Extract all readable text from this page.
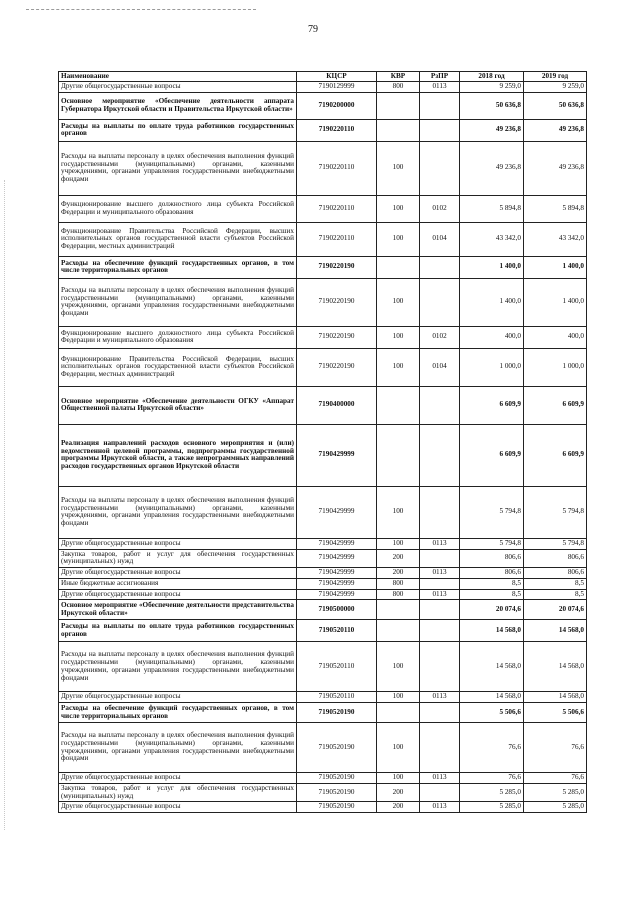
79
Наименование	КЦСР	КВР	РзПР	2018 год	2019 год
Другие общегосударственные вопросы	7190129999	800	0113	9 259,0	9 259,0
Основное мероприятие «Обеспечение деятельности аппарата Губернатора Иркутской области и Правительства Иркутской области»	7190200000			50 636,8	50 636,8
Расходы на выплаты по оплате труда работников государственных органов	7190220110			49 236,8	49 236,8
Расходы на выплаты персоналу в целях обеспечения выполнения функций государственными (муниципальными) органами, казенными учреждениями, органами управления государственными внебюджетными фондами	7190220110	100		49 236,8	49 236,8
Функционирование высшего должностного лица субъекта Российской Федерации и муниципального образования	7190220110	100	0102	5 894,8	5 894,8
Функционирование Правительства Российской Федерации, высших исполнительных органов государственной власти субъектов Российской Федерации, местных администраций	7190220110	100	0104	43 342,0	43 342,0
Расходы на обеспечение функций государственных органов, в том числе территориальных органов	7190220190			1 400,0	1 400,0
Расходы на выплаты персоналу в целях обеспечения выполнения функций государственными (муниципальными) органами, казенными учреждениями, органами управления государственными внебюджетными фондами	7190220190	100		1 400,0	1 400,0
Функционирование высшего должностного лица субъекта Российской Федерации и муниципального образования	7190220190	100	0102	400,0	400,0
Функционирование Правительства Российской Федерации, высших исполнительных органов государственной власти субъектов Российской Федерации, местных администраций	7190220190	100	0104	1 000,0	1 000,0
Основное мероприятие «Обеспечение деятельности ОГКУ «Аппарат Общественной палаты Иркутской области»	7190400000			6 609,9	6 609,9
Реализация направлений расходов основного мероприятия и (или) ведомственной целевой программы, подпрограммы государственной программы Иркутской области, а также непрограммных направлений расходов государственных органов Иркутской области	7190429999			6 609,9	6 609,9
Расходы на выплаты персоналу в целях обеспечения выполнения функций государственными (муниципальными) органами, казенными учреждениями, органами управления государственными внебюджетными фондами	7190429999	100		5 794,8	5 794,8
Другие общегосударственные вопросы	7190429999	100	0113	5 794,8	5 794,8
Закупка товаров, работ и услуг для обеспечения государственных (муниципальных) нужд	7190429999	200		806,6	806,6
Другие общегосударственные вопросы	7190429999	200	0113	806,6	806,6
Иные бюджетные ассигнования	7190429999	800		8,5	8,5
Другие общегосударственные вопросы	7190429999	800	0113	8,5	8,5
Основное мероприятие «Обеспечение деятельности представительства Иркутской области»	7190500000			20 074,6	20 074,6
Расходы на выплаты по оплате труда работников государственных органов	7190520110			14 568,0	14 568,0
Расходы на выплаты персоналу в целях обеспечения выполнения функций государственными (муниципальными) органами, казенными учреждениями, органами управления государственными внебюджетными фондами	7190520110	100		14 568,0	14 568,0
Другие общегосударственные вопросы	7190520110	100	0113	14 568,0	14 568,0
Расходы на обеспечение функций государственных органов, в том числе территориальных органов	7190520190			5 506,6	5 506,6
Расходы на выплаты персоналу в целях обеспечения выполнения функций государственными (муниципальными) органами, казенными учреждениями, органами управления государственными внебюджетными фондами	7190520190	100		76,6	76,6
Другие общегосударственные вопросы	7190520190	100	0113	76,6	76,6
Закупка товаров, работ и услуг для обеспечения государственных (муниципальных) нужд	7190520190	200		5 285,0	5 285,0
Другие общегосударственные вопросы	7190520190	200	0113	5 285,0	5 285,0
